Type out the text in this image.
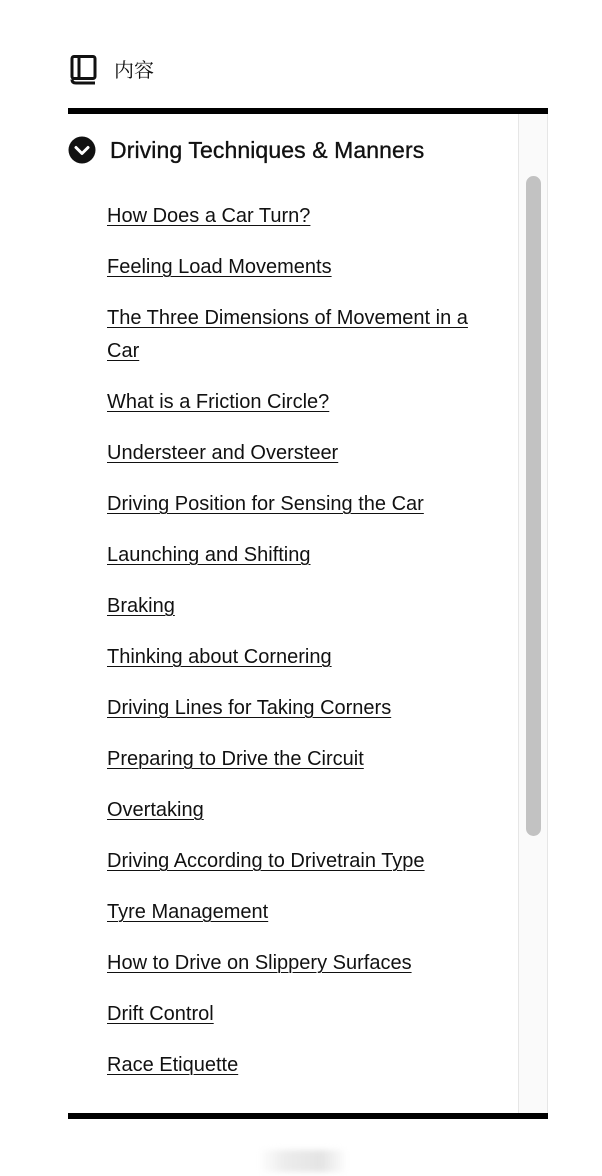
内容
Driving Techniques & Manners
How Does a Car Turn?
Feeling Load Movements
The Three Dimensions of Movement in a Car
What is a Friction Circle?
Understeer and Oversteer
Driving Position for Sensing the Car
Launching and Shifting
Braking
Thinking about Cornering
Driving Lines for Taking Corners
Preparing to Drive the Circuit
Overtaking
Driving According to Drivetrain Type
Tyre Management
How to Drive on Slippery Surfaces
Drift Control
Race Etiquette
